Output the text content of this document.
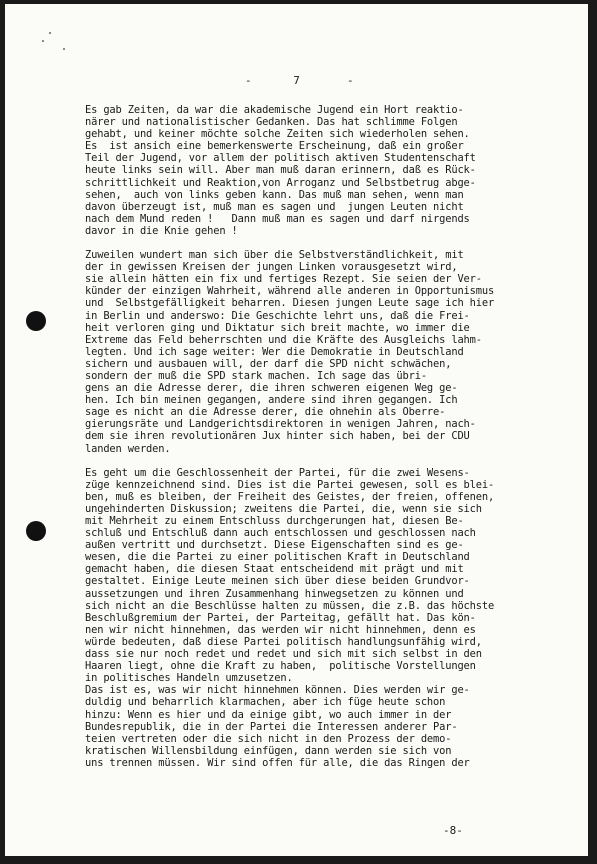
-	7	-
Es gab Zeiten, da war die akademische Jugend ein Hort reaktio-
närer und nationalistischer Gedanken. Das hat schlimme Folgen
gehabt, und keiner möchte solche Zeiten sich wiederholen sehen.
Es  ist ansich eine bemerkenswerte Erscheinung, daß ein großer
Teil der Jugend, vor allem der politisch aktiven Studentenschaft
heute links sein will. Aber man muß daran erinnern, daß es Rück-
schrittlichkeit und Reaktion,von Arroganz und Selbstbetrug abge-
sehen,  auch von links geben kann. Das muß man sehen, wenn man
davon überzeugt ist, muß man es sagen und  jungen Leuten nicht
nach dem Mund reden !   Dann muß man es sagen und darf nirgends
davor in die Knie gehen !
Zuweilen wundert man sich über die Selbstverständlichkeit, mit
der in gewissen Kreisen der jungen Linken vorausgesetzt wird,
sie allein hätten ein fix und fertiges Rezept. Sie seien der Ver-
künder der einzigen Wahrheit, während alle anderen in Opportunismus
und  Selbstgefälligkeit beharren. Diesen jungen Leute sage ich hier
in Berlin und anderswo: Die Geschichte lehrt uns, daß die Frei-
heit verloren ging und Diktatur sich breit machte, wo immer die
Extreme das Feld beherrschten und die Kräfte des Ausgleichs lahm-
legten. Und ich sage weiter: Wer die Demokratie in Deutschland
sichern und ausbauen will, der darf die SPD nicht schwächen,
sondern der muß die SPD stark machen. Ich sage das übri-
gens an die Adresse derer, die ihren schweren eigenen Weg ge-
hen. Ich bin meinen gegangen, andere sind ihren gegangen. Ich
sage es nicht an die Adresse derer, die ohnehin als Oberre-
gierungsräte und Landgerichtsdirektoren in wenigen Jahren, nach-
dem sie ihren revolutionären Jux hinter sich haben, bei der CDU
landen werden.
Es geht um die Geschlossenheit der Partei, für die zwei Wesens-
züge kennzeichnend sind. Dies ist die Partei gewesen, soll es blei-
ben, muß es bleiben, der Freiheit des Geistes, der freien, offenen,
ungehinderten Diskussion; zweitens die Partei, die, wenn sie sich
mit Mehrheit zu einem Entschluss durchgerungen hat, diesen Be-
schluß und Entschluß dann auch entschlossen und geschlossen nach
außen vertritt und durchsetzt. Diese Eigenschaften sind es ge-
wesen, die die Partei zu einer politischen Kraft in Deutschland
gemacht haben, die diesen Staat entscheidend mit prägt und mit
gestaltet. Einige Leute meinen sich über diese beiden Grundvor-
aussetzungen und ihren Zusammenhang hinwegsetzen zu können und
sich nicht an die Beschlüsse halten zu müssen, die z.B. das höchste
Beschlußgremium der Partei, der Parteitag, gefällt hat. Das kön-
nen wir nicht hinnehmen, das werden wir nicht hinnehmen, denn es
würde bedeuten, daß diese Partei politisch handlungsunfähig wird,
dass sie nur noch redet und redet und sich mit sich selbst in den
Haaren liegt, ohne die Kraft zu haben,  politische Vorstellungen
in politisches Handeln umzusetzen.
Das ist es, was wir nicht hinnehmen können. Dies werden wir ge-
duldig und beharrlich klarmachen, aber ich füge heute schon
hinzu: Wenn es hier und da einige gibt, wo auch immer in der
Bundesrepublik, die in der Partei die Interessen anderer Par-
teien vertreten oder die sich nicht in den Prozess der demo-
kratischen Willensbildung einfügen, dann werden sie sich von
uns trennen müssen. Wir sind offen für alle, die das Ringen der
-8-
